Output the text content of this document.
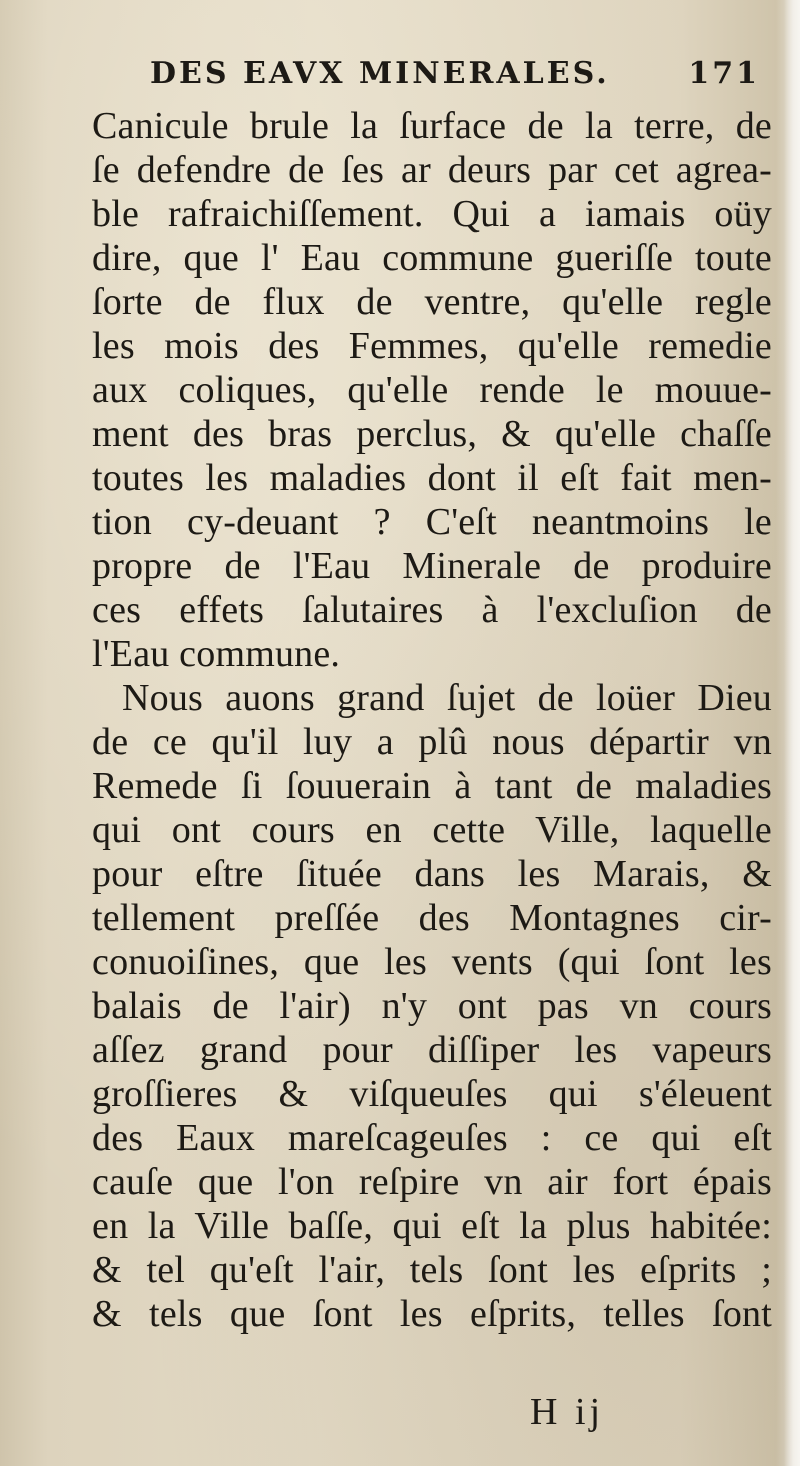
DES EAVX MINERALES.	171
Canicule brule la ſurface de la terre, de
ſe defendre de ſes ar deurs par cet agrea-
ble rafraichiſſement. Qui a iamais oüy
dire, que l' Eau commune gueriſſe toute
ſorte de flux de ventre, qu'elle regle
les mois des Femmes, qu'elle remedie
aux coliques, qu'elle rende le mouue-
ment des bras perclus, & qu'elle chaſſe
toutes les maladies dont il eſt fait men-
tion cy-deuant ? C'eſt neantmoins le
propre de l'Eau Minerale de produire
ces effets ſalutaires à l'excluſion de
l'Eau commune.
Nous auons grand ſujet de loüer Dieu
de ce qu'il luy a plû nous départir vn
Remede ſi ſouuerain à tant de maladies
qui ont cours en cette Ville, laquelle
pour eſtre ſituée dans les Marais, &
tellement preſſée des Montagnes cir-
conuoiſines, que les vents (qui ſont les
balais de l'air) n'y ont pas vn cours
aſſez grand pour diſſiper les vapeurs
groſſieres & viſqueuſes qui s'éleuent
des Eaux mareſcageuſes : ce qui eſt
cauſe que l'on reſpire vn air fort épais
en la Ville baſſe, qui eſt la plus habitée:
& tel qu'eſt l'air, tels ſont les eſprits ;
& tels que ſont les eſprits, telles ſont
H ij
